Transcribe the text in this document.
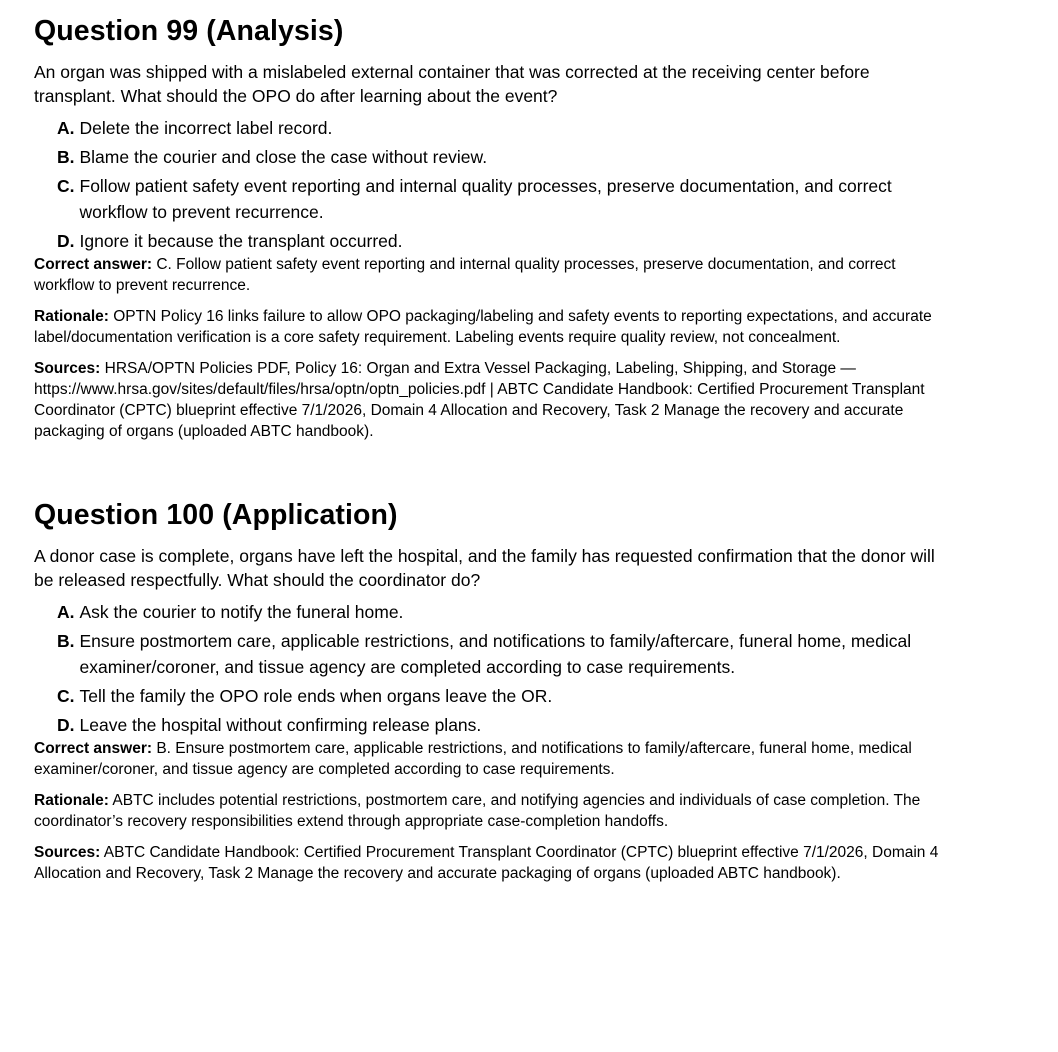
Question 99 (Analysis)

An organ was shipped with a mislabeled external container that was corrected at the receiving center before transplant. What should the OPO do after learning about the event?

A. Delete the incorrect label record.
B. Blame the courier and close the case without review.
C. Follow patient safety event reporting and internal quality processes, preserve documentation, and correct workflow to prevent recurrence.
D. Ignore it because the transplant occurred.

Correct answer: C. Follow patient safety event reporting and internal quality processes, preserve documentation, and correct workflow to prevent recurrence.

Rationale: OPTN Policy 16 links failure to allow OPO packaging/labeling and safety events to reporting expectations, and accurate label/documentation verification is a core safety requirement. Labeling events require quality review, not concealment.

Sources: HRSA/OPTN Policies PDF, Policy 16: Organ and Extra Vessel Packaging, Labeling, Shipping, and Storage — https://www.hrsa.gov/sites/default/files/hrsa/optn/optn_policies.pdf | ABTC Candidate Handbook: Certified Procurement Transplant Coordinator (CPTC) blueprint effective 7/1/2026, Domain 4 Allocation and Recovery, Task 2 Manage the recovery and accurate packaging of organs (uploaded ABTC handbook).

Question 100 (Application)

A donor case is complete, organs have left the hospital, and the family has requested confirmation that the donor will be released respectfully. What should the coordinator do?

A. Ask the courier to notify the funeral home.
B. Ensure postmortem care, applicable restrictions, and notifications to family/aftercare, funeral home, medical examiner/coroner, and tissue agency are completed according to case requirements.
C. Tell the family the OPO role ends when organs leave the OR.
D. Leave the hospital without confirming release plans.

Correct answer: B. Ensure postmortem care, applicable restrictions, and notifications to family/aftercare, funeral home, medical examiner/coroner, and tissue agency are completed according to case requirements.

Rationale: ABTC includes potential restrictions, postmortem care, and notifying agencies and individuals of case completion. The coordinator’s recovery responsibilities extend through appropriate case-completion handoffs.

Sources: ABTC Candidate Handbook: Certified Procurement Transplant Coordinator (CPTC) blueprint effective 7/1/2026, Domain 4 Allocation and Recovery, Task 2 Manage the recovery and accurate packaging of organs (uploaded ABTC handbook).
